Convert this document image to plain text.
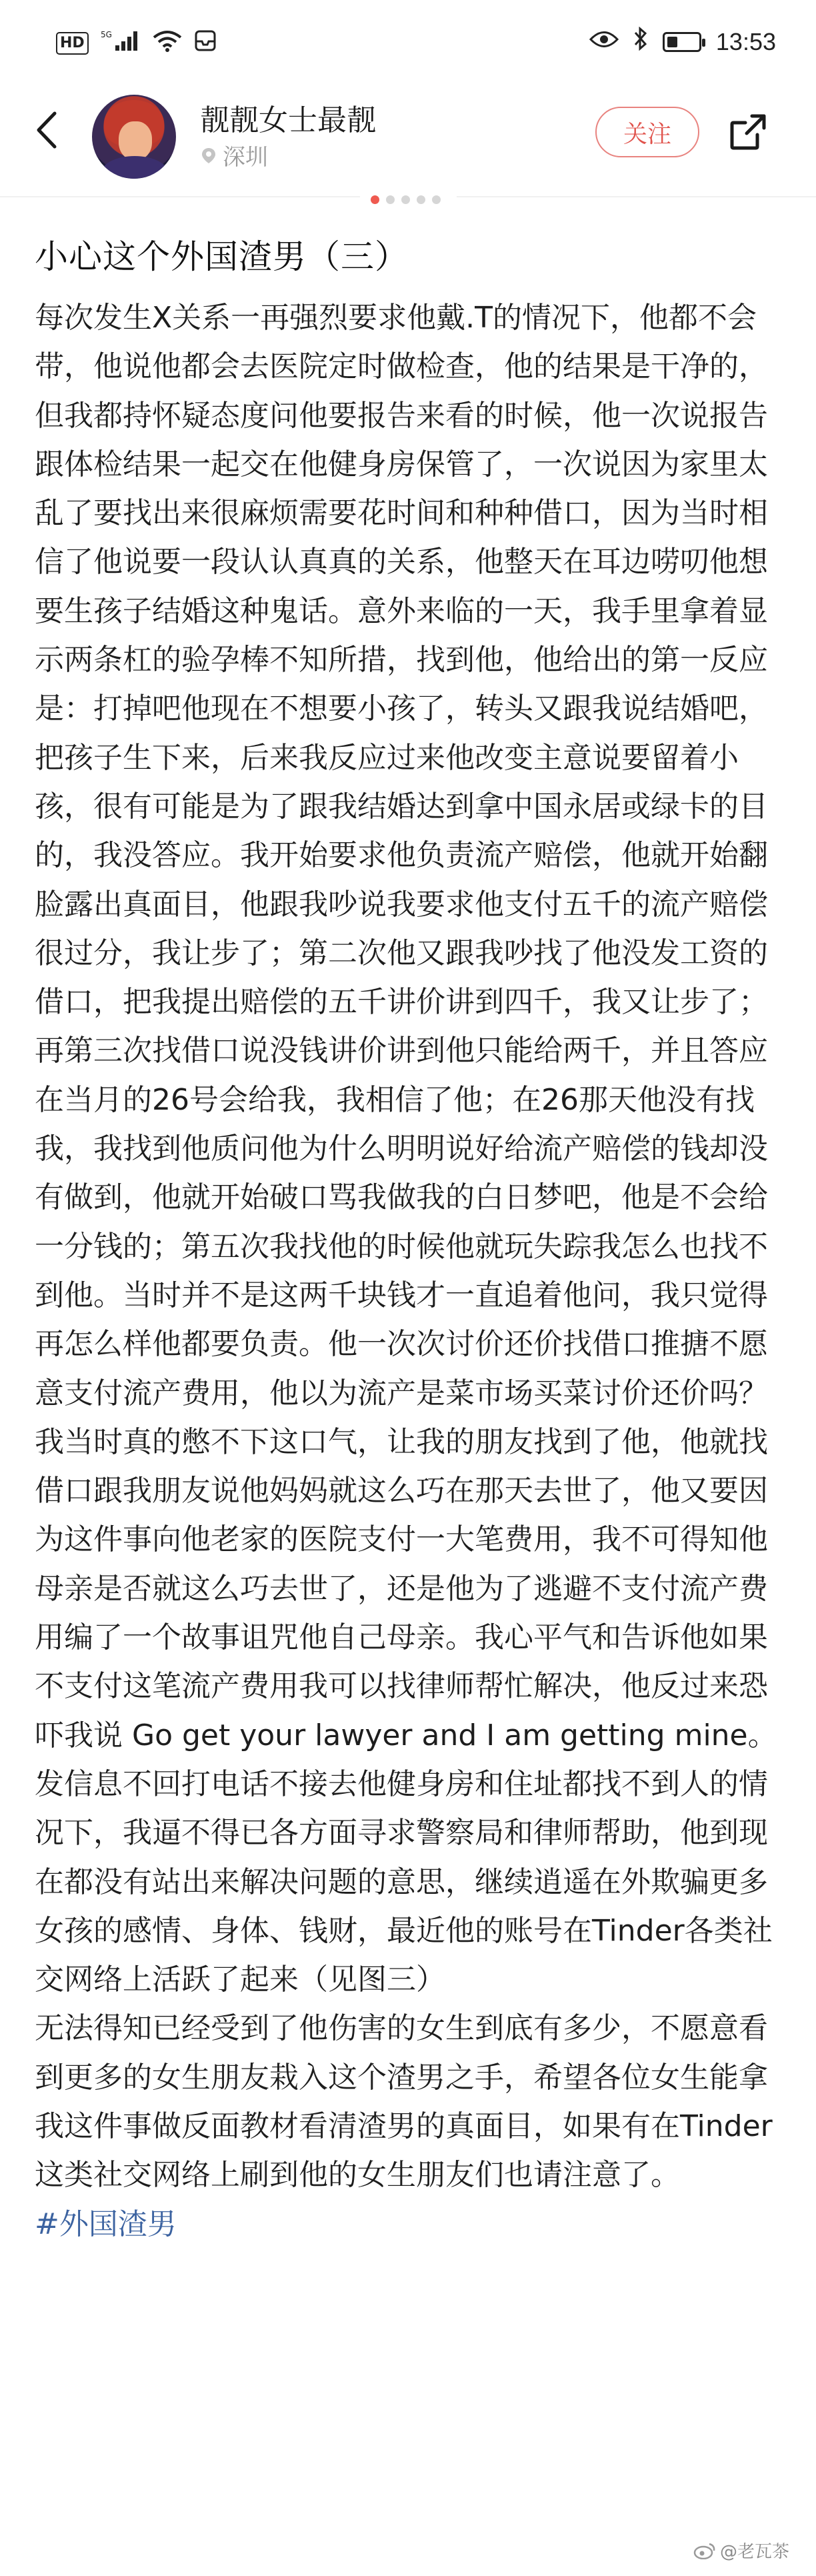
HD	5G	13:53
靓靓女士最靓
深圳
关注
小心这个外国渣男（三）

每次发生X关系一再强烈要求他戴.T的情况下，他都不会带，他说他都会去医院定时做检查，他的结果是干净的，但我都持怀疑态度问他要报告来看的时候，他一次说报告跟体检结果一起交在他健身房保管了，一次说因为家里太乱了要找出来很麻烦需要花时间和种种借口，因为当时相信了他说要一段认认真真的关系，他整天在耳边唠叨他想要生孩子结婚这种鬼话。意外来临的一天，我手里拿着显示两条杠的验孕棒不知所措，找到他，他给出的第一反应是：打掉吧他现在不想要小孩了，转头又跟我说结婚吧，把孩子生下来，后来我反应过来他改变主意说要留着小孩，很有可能是为了跟我结婚达到拿中国永居或绿卡的目的，我没答应。我开始要求他负责流产赔偿，他就开始翻脸露出真面目，他跟我吵说我要求他支付五千的流产赔偿很过分，我让步了；第二次他又跟我吵找了他没发工资的借口，把我提出赔偿的五千讲价讲到四千，我又让步了；再第三次找借口说没钱讲价讲到他只能给两千，并且答应在当月的26号会给我，我相信了他；在26那天他没有找我，我找到他质问他为什么明明说好给流产赔偿的钱却没有做到，他就开始破口骂我做我的白日梦吧，他是不会给一分钱的；第五次我找他的时候他就玩失踪我怎么也找不到他。当时并不是这两千块钱才一直追着他问，我只觉得再怎么样他都要负责。他一次次讨价还价找借口推搪不愿意支付流产费用，他以为流产是菜市场买菜讨价还价吗？我当时真的憋不下这口气，让我的朋友找到了他，他就找借口跟我朋友说他妈妈就这么巧在那天去世了，他又要因为这件事向他老家的医院支付一大笔费用，我不可得知他母亲是否就这么巧去世了，还是他为了逃避不支付流产费用编了一个故事诅咒他自己母亲。我心平气和告诉他如果不支付这笔流产费用我可以找律师帮忙解决，他反过来恐吓我说 Go get your lawyer and I am getting mine。

发信息不回打电话不接去他健身房和住址都找不到人的情况下，我逼不得已各方面寻求警察局和律师帮助，他到现在都没有站出来解决问题的意思，继续逍遥在外欺骗更多女孩的感情、身体、钱财，最近他的账号在Tinder各类社交网络上活跃了起来（见图三）

无法得知已经受到了他伤害的女生到底有多少，不愿意看到更多的女生朋友栽入这个渣男之手，希望各位女生能拿我这件事做反面教材看清渣男的真面目，如果有在Tinder这类社交网络上刷到他的女生朋友们也请注意了。

#外国渣男

@老瓦茶
